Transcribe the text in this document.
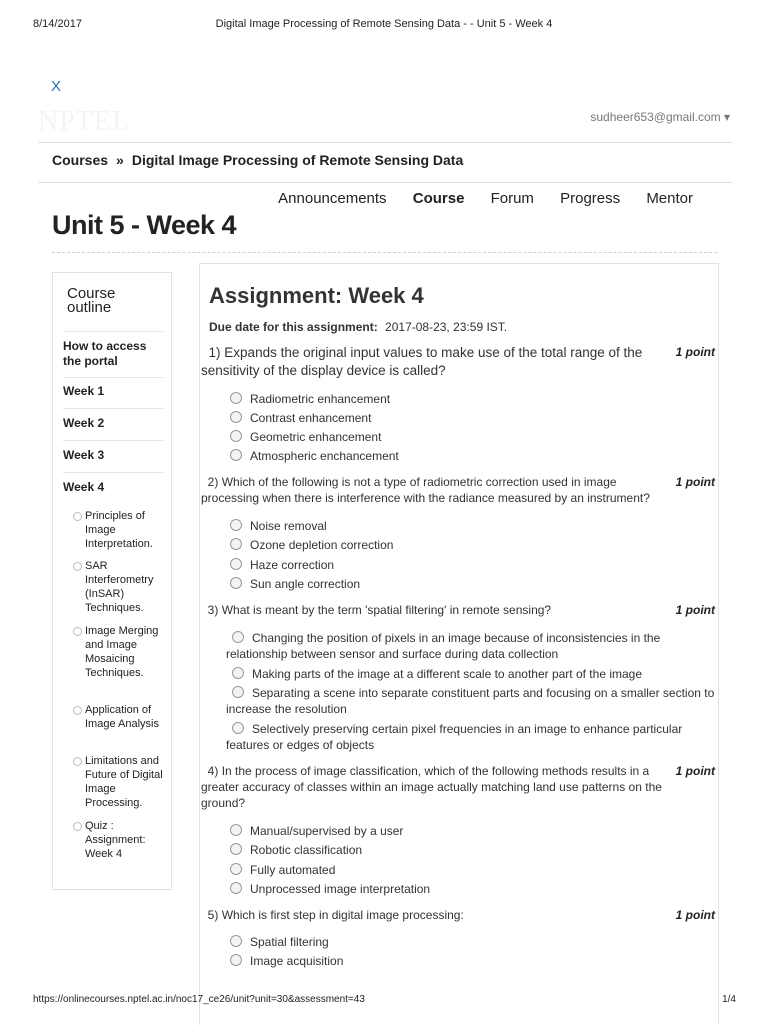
8/14/2017	Digital Image Processing of Remote Sensing Data - - Unit 5 - Week 4
X
NPTEL	sudheer653@gmail.com ▾
Courses » Digital Image Processing of Remote Sensing Data
Announcements Course Forum Progress Mentor
Unit 5 - Week 4
Course
outline
How to access the portal
Week 1
Week 2
Week 3
Week 4
Principles of Image Interpretation.
SAR Interferometry (InSAR) Techniques.
Image Merging and Image Mosaicing Techniques.
Application of Image Analysis
Limitations and Future of Digital Image Processing.
Quiz : Assignment: Week 4
Assignment: Week 4
Due date for this assignment: 2017-08-23, 23:59 IST.
1) Expands the original input values to make use of the total range of the sensitivity of the display device is called?
1 point
Radiometric enhancement
Contrast enhancement
Geometric enhancement
Atmospheric enchancement
2) Which of the following is not a type of radiometric correction used in image processing when there is interference with the radiance measured by an instrument?
1 point
Noise removal
Ozone depletion correction
Haze correction
Sun angle correction
3) What is meant by the term 'spatial filtering' in remote sensing?	1 point
Changing the position of pixels in an image because of inconsistencies in the relationship between sensor and surface during data collection
Making parts of the image at a different scale to another part of the image
Separating a scene into separate constituent parts and focusing on a smaller section to increase the resolution
Selectively preserving certain pixel frequencies in an image to enhance particular features or edges of objects
4) In the process of image classification, which of the following methods results in a greater accuracy of classes within an image actually matching land use patterns on the ground?
1 point
Manual/supervised by a user
Robotic classification
Fully automated
Unprocessed image interpretation
5) Which is first step in digital image processing:	1 point
Spatial filtering
Image acquisition
https://onlinecourses.nptel.ac.in/noc17_ce26/unit?unit=30&assessment=43	1/4
